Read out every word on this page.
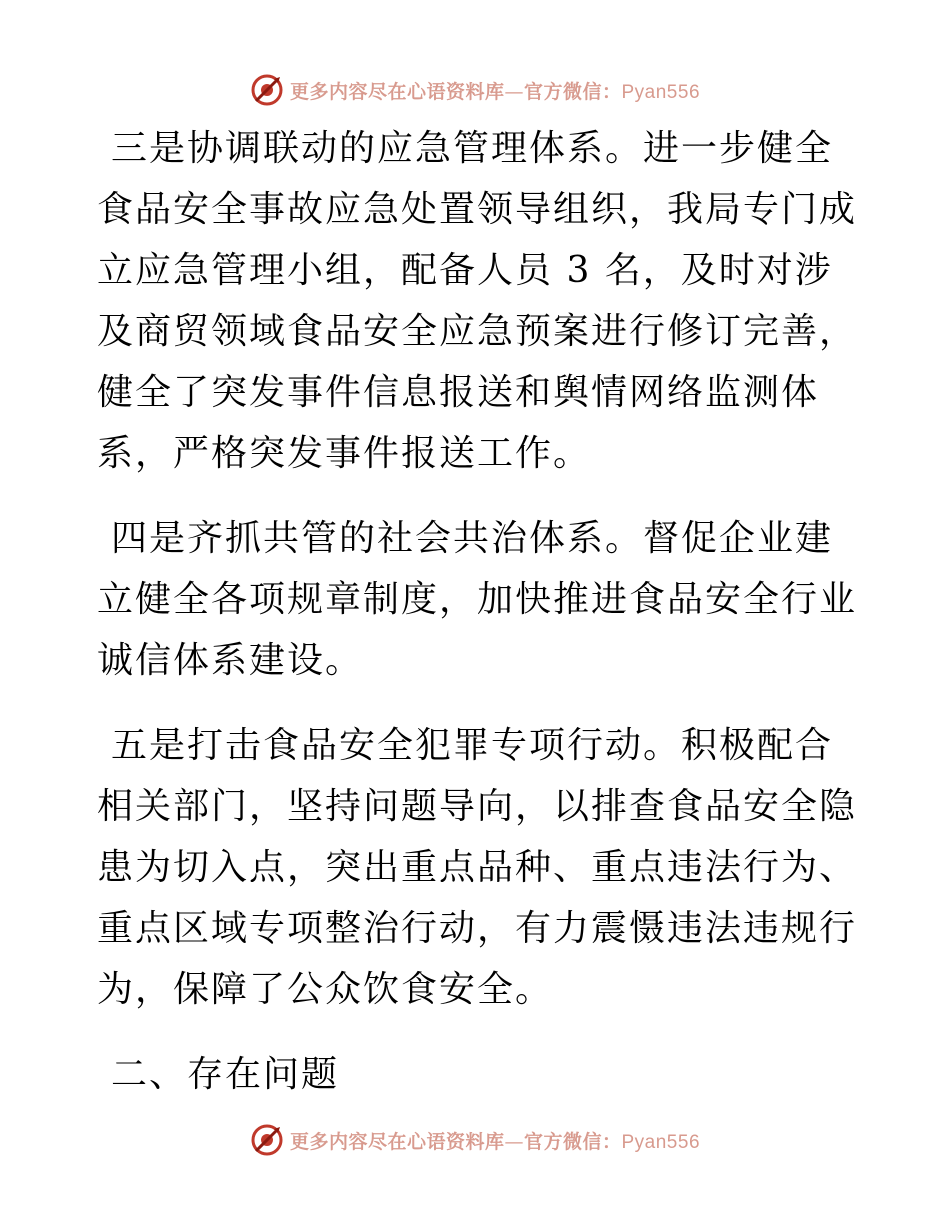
更多内容尽在心语资料库—官方微信：Pyan556

三是协调联动的应急管理体系。进一步健全食品安全事故应急处置领导组织，我局专门成立应急管理小组，配备人员 3 名，及时对涉及商贸领域食品安全应急预案进行修订完善，健全了突发事件信息报送和舆情网络监测体系，严格突发事件报送工作。

四是齐抓共管的社会共治体系。督促企业建立健全各项规章制度，加快推进食品安全行业诚信体系建设。

五是打击食品安全犯罪专项行动。积极配合相关部门，坚持问题导向，以排查食品安全隐患为切入点，突出重点品种、重点违法行为、重点区域专项整治行动，有力震慑违法违规行为，保障了公众饮食安全。

二、存在问题

更多内容尽在心语资料库—官方微信：Pyan556
